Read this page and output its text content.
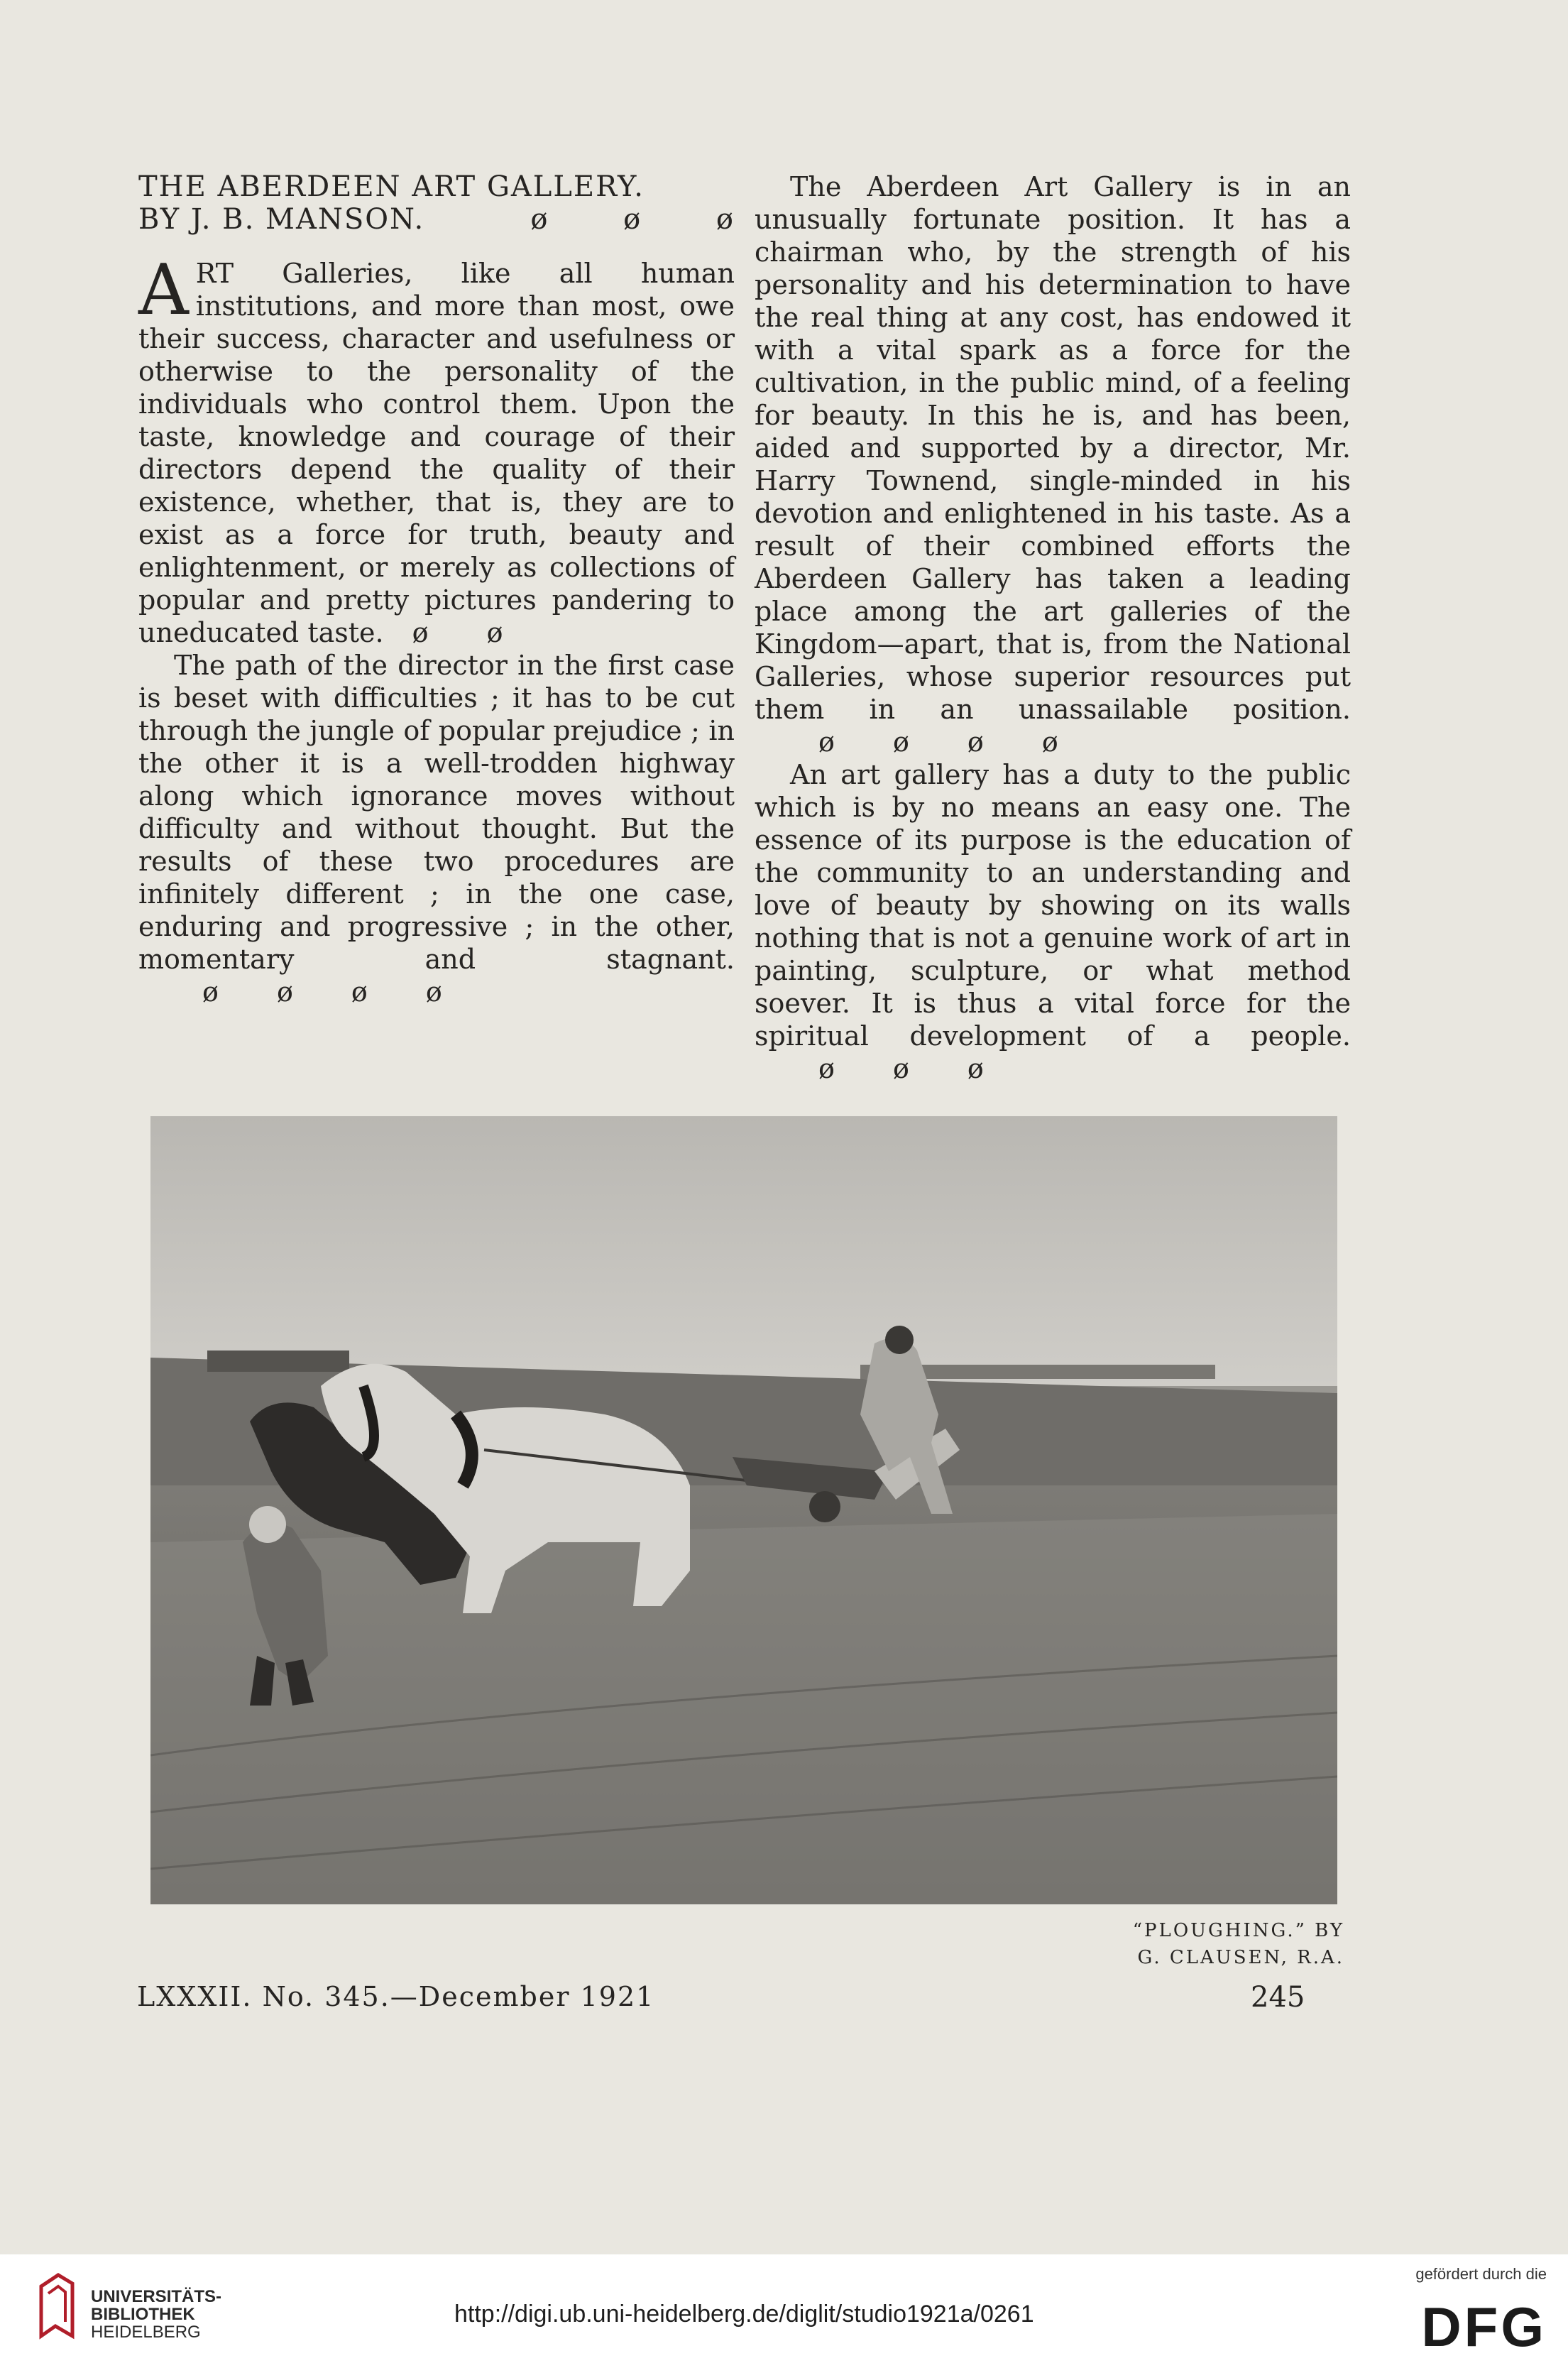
THE ABERDEEN ART GALLERY.
BY J. B. MANSON.	ø ø ø

ART Galleries, like all human institutions, and more than most, owe their success, character and usefulness or otherwise to the personality of the individuals who control them. Upon the taste, knowledge and courage of their directors depend the quality of their existence, whether, that is, they are to exist as a force for truth, beauty and enlightenment, or merely as collections of popular and pretty pictures pandering to uneducated taste. ø ø

The path of the director in the first case is beset with difficulties ; it has to be cut through the jungle of popular prejudice ; in the other it is a well-trodden highway along which ignorance moves without difficulty and without thought. But the results of these two procedures are infinitely different ; in the one case, enduring and progressive ; in the other, momentary and stagnant.ø ø ø ø

The Aberdeen Art Gallery is in an unusually fortunate position. It has a chairman who, by the strength of his personality and his determination to have the real thing at any cost, has endowed it with a vital spark as a force for the cultivation, in the public mind, of a feeling for beauty. In this he is, and has been, aided and supported by a director, Mr. Harry Townend, single-minded in his devotion and enlightened in his taste. As a result of their combined efforts the Aberdeen Gallery has taken a leading place among the art galleries of the Kingdom—apart, that is, from the National Galleries, whose superior resources put them in an unassailable position.ø ø ø ø

An art gallery has a duty to the public which is by no means an easy one. The essence of its purpose is the education of the community to an understanding and love of beauty by showing on its walls nothing that is not a genuine work of art in painting, sculpture, or what method soever. It is thus a vital force for the spiritual development of a people.ø ø ø

“PLOUGHING.” BY
G. CLAUSEN, R.A.
LXXXII. No. 345.—December 1921	245
UNIVERSITÄTS-
BIBLIOTHEK
HEIDELBERG
http://digi.ub.uni-heidelberg.de/diglit/studio1921a/0261
gefördert durch die
DFG
